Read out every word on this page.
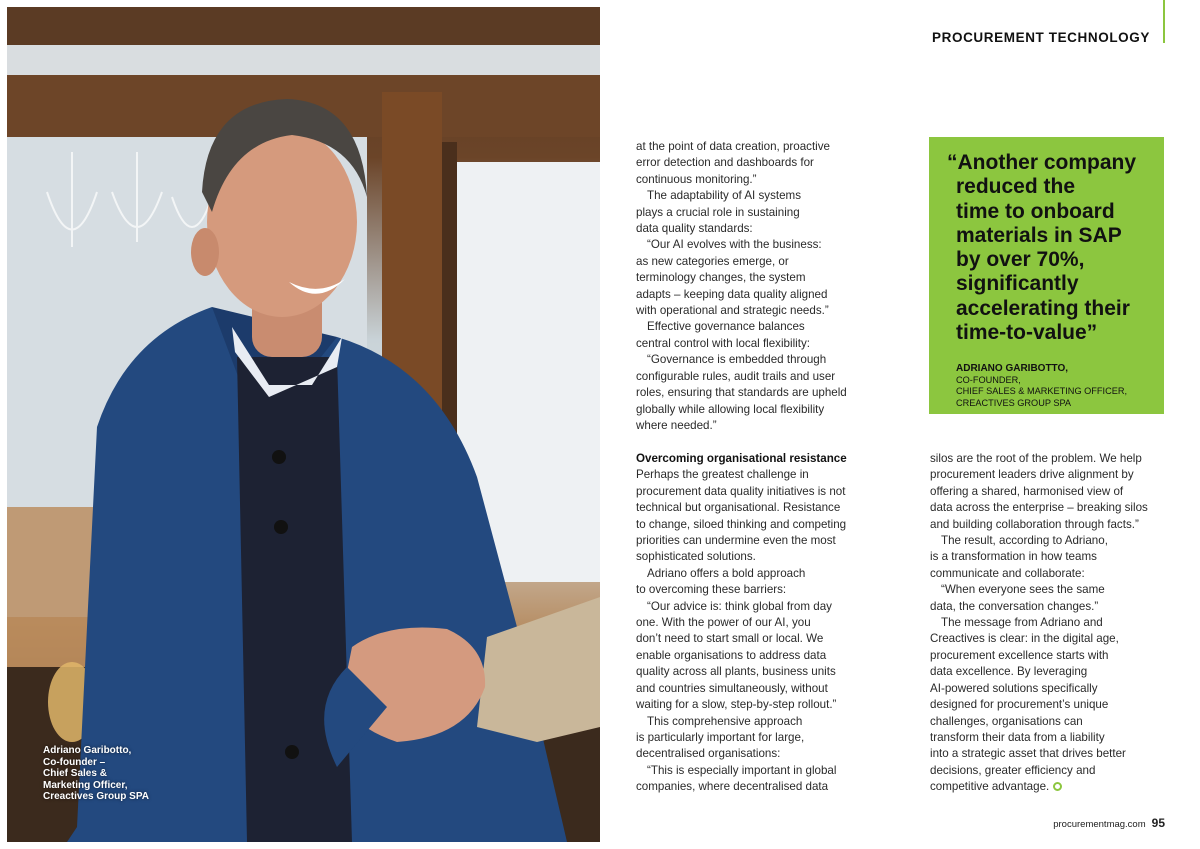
Adriano Garibotto,
Co-founder –
Chief Sales &
Marketing Officer,
Creactives Group SPA
PROCUREMENT TECHNOLOGY

at the point of data creation, proactive

error detection and dashboards for

continuous monitoring.”

The adaptability of AI systems

plays a crucial role in sustaining

data quality standards:

“Our AI evolves with the business:

as new categories emerge, or

terminology changes, the system

adapts – keeping data quality aligned

with operational and strategic needs.”

Effective governance balances

central control with local flexibility:

“Governance is embedded through

configurable rules, audit trails and user

roles, ensuring that standards are upheld

globally while allowing local flexibility

where needed.”

Overcoming organisational resistance

Perhaps the greatest challenge in

procurement data quality initiatives is not

technical but organisational. Resistance

to change, siloed thinking and competing

priorities can undermine even the most

sophisticated solutions.

Adriano offers a bold approach

to overcoming these barriers:

“Our advice is: think global from day

one. With the power of our AI, you

don’t need to start small or local. We

enable organisations to address data

quality across all plants, business units

and countries simultaneously, without

waiting for a slow, step-by-step rollout.”

This comprehensive approach

is particularly important for large,

decentralised organisations:

“This is especially important in global

companies, where decentralised data

“Another company
reduced the
time to onboard
materials in SAP
by over 70%,
significantly
accelerating their
time-to-value”
ADRIANO GARIBOTTO,
CO-FOUNDER,
CHIEF SALES & MARKETING OFFICER,
CREACTIVES GROUP SPA

silos are the root of the problem. We help

procurement leaders drive alignment by

offering a shared, harmonised view of

data across the enterprise – breaking silos

and building collaboration through facts.”

The result, according to Adriano,

is a transformation in how teams

communicate and collaborate:

“When everyone sees the same

data, the conversation changes.”

The message from Adriano and

Creactives is clear: in the digital age,

procurement excellence starts with

data excellence. By leveraging

AI-powered solutions specifically

designed for procurement’s unique

challenges, organisations can

transform their data from a liability

into a strategic asset that drives better

decisions, greater efficiency and

competitive advantage.

procurementmag.com 95
